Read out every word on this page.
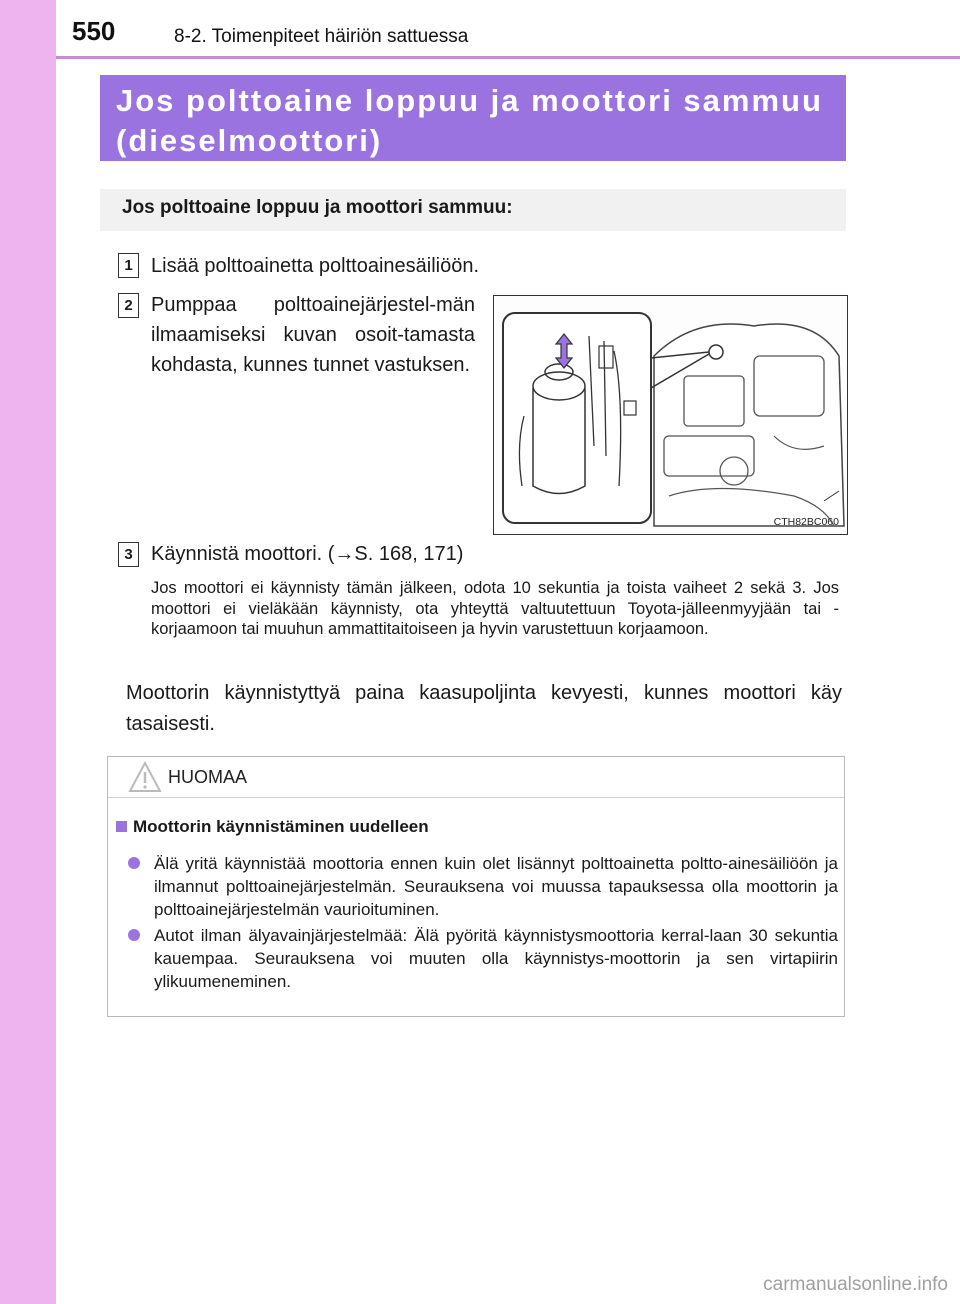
550	8-2. Toimenpiteet häiriön sattuessa
Jos polttoaine loppuu ja moottori sammuu
(dieselmoottori)
Jos polttoaine loppuu ja moottori sammuu:
1 Lisää polttoainetta polttoainesäiliöön.
2 Pumppaa polttoainejärjestel-män ilmaamiseksi kuvan osoit-tamasta kohdasta, kunnes tunnet vastuksen.
CTH82BC060
3 Käynnistä moottori. (→S. 168, 171)
Jos moottori ei käynnisty tämän jälkeen, odota 10 sekuntia ja toista vaiheet 2 sekä 3. Jos moottori ei vieläkään käynnisty, ota yhteyttä valtuutettuun Toyota-jälleenmyyjään tai -korjaamoon tai muuhun ammattitaitoiseen ja hyvin varustettuun korjaamoon.
Moottorin käynnistyttyä paina kaasupoljinta kevyesti, kunnes moottori käy tasaisesti.
HUOMAA
Moottorin käynnistäminen uudelleen
Älä yritä käynnistää moottoria ennen kuin olet lisännyt polttoainetta poltto-ainesäiliöön ja ilmannut polttoainejärjestelmän. Seurauksena voi muussa tapauksessa olla moottorin ja polttoainejärjestelmän vaurioituminen.
Autot ilman älyavainjärjestelmää: Älä pyöritä käynnistysmoottoria kerral-laan 30 sekuntia kauempaa. Seurauksena voi muuten olla käynnistys-moottorin ja sen virtapiirin ylikuumeneminen.
carmanualsonline.info
